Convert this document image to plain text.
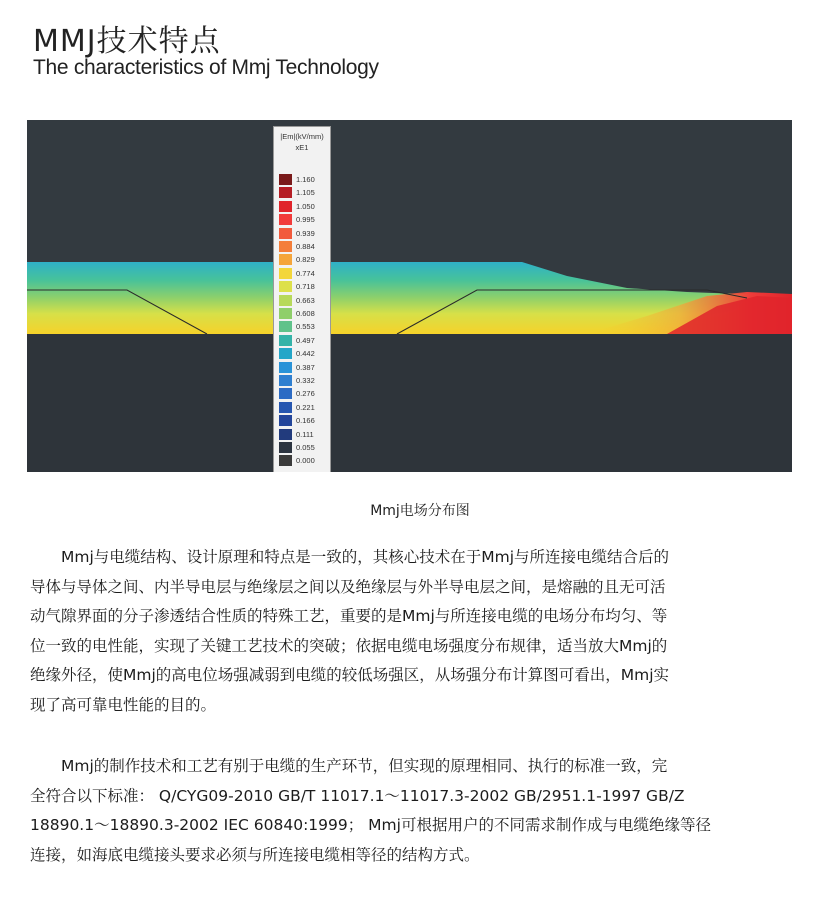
MMJ技术特点
The characteristics of Mmj Technology
|Em|(kV/mm)
xE1
1.160
1.105
1.050
0.995
0.939
0.884
0.829
0.774
0.718
0.663
0.608
0.553
0.497
0.442
0.387
0.332
0.276
0.221
0.166
0.111
0.055
0.000
Mmj电场分布图
　　Mmj与电缆结构、设计原理和特点是一致的，其核心技术在于Mmj与所连接电缆结合后的
导体与导体之间、内半导电层与绝缘层之间以及绝缘层与外半导电层之间，是熔融的且无可活
动气隙界面的分子渗透结合性质的特殊工艺，重要的是Mmj与所连接电缆的电场分布均匀、等
位一致的电性能，实现了关键工艺技术的突破；依据电缆电场强度分布规律，适当放大Mmj的
绝缘外径，使Mmj的高电位场强减弱到电缆的较低场强区，从场强分布计算图可看出，Mmj实
现了高可靠电性能的目的。
　　Mmj的制作技术和工艺有别于电缆的生产环节，但实现的原理相同、执行的标准一致，完
全符合以下标准： Q/CYG09-2010 GB/T 11017.1～11017.3-2002 GB/2951.1-1997 GB/Z
18890.1～18890.3-2002 IEC 60840:1999； Mmj可根据用户的不同需求制作成与电缆绝缘等径
连接，如海底电缆接头要求必须与所连接电缆相等径的结构方式。
